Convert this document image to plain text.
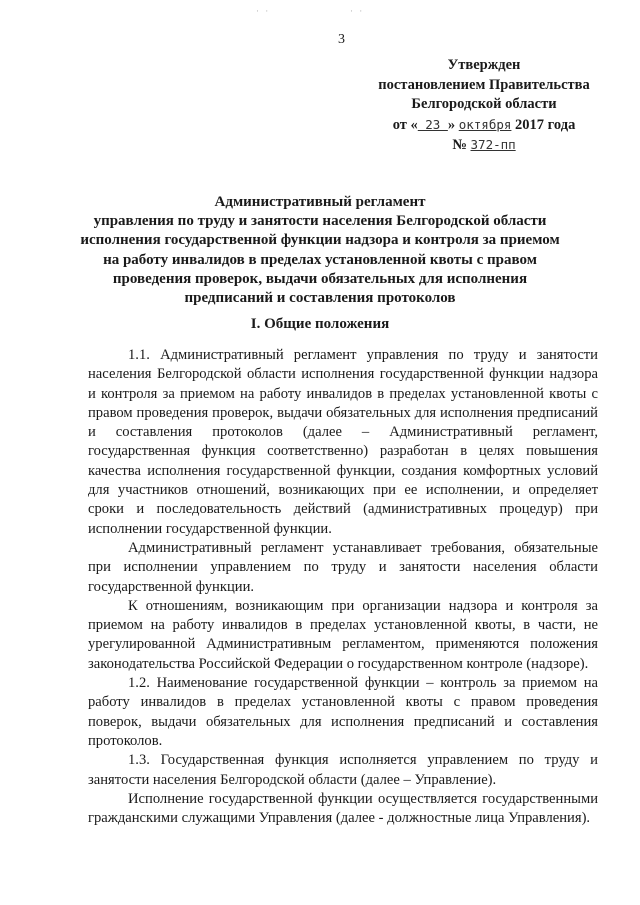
· ·	· ·
3
Утвержден
постановлением Правительства
Белгородской области
от « 23 » октября 2017 года
№ 372-пп
Административный регламент
управления по труду и занятости населения Белгородской области
исполнения государственной функции надзора и контроля за приемом
на работу инвалидов в пределах установленной квоты с правом
проведения проверок, выдачи обязательных для исполнения
предписаний и составления протоколов
I. Общие положения

1.1. Административный регламент управления по труду и занятости населения Белгородской области исполнения государственной функции надзора и контроля за приемом на работу инвалидов в пределах установленной квоты с правом проведения проверок, выдачи обязательных для исполнения предписаний и составления протоколов (далее – Административный регламент, государственная функция соответственно) разработан в целях повышения качества исполнения государственной функции, создания комфортных условий для участников отношений, возникающих при ее исполнении, и определяет сроки и последовательность действий (административных процедур) при исполнении государственной функции.

Административный регламент устанавливает требования, обязательные при исполнении управлением по труду и занятости населения области государственной функции.

К отношениям, возникающим при организации надзора и контроля за приемом на работу инвалидов в пределах установленной квоты, в части, не урегулированной Административным регламентом, применяются положения законодательства Российской Федерации о государственном контроле (надзоре).

1.2. Наименование государственной функции – контроль за приемом на работу инвалидов в пределах установленной квоты с правом проведения поверок, выдачи обязательных для исполнения предписаний и составления протоколов.

1.3. Государственная функция исполняется управлением по труду и занятости населения Белгородской области (далее – Управление).

Исполнение государственной функции осуществляется государственными гражданскими служащими Управления (далее - должностные лица Управления).
